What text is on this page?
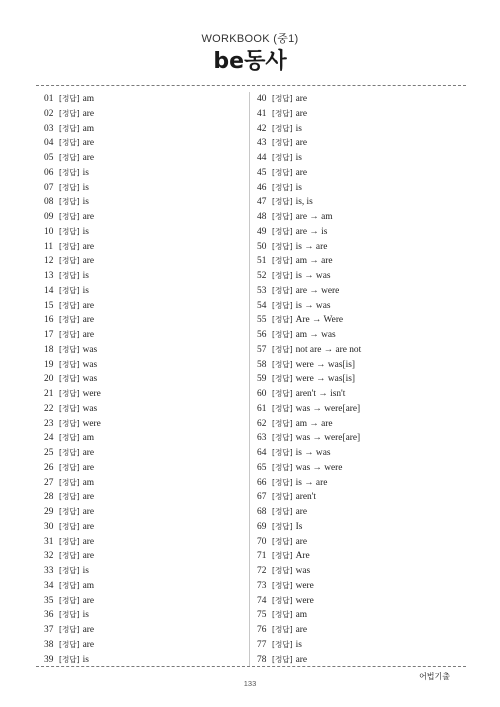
WORKBOOK (중1)
be동사
01 [정답] am
02 [정답] are
03 [정답] am
04 [정답] are
05 [정답] are
06 [정답] is
07 [정답] is
08 [정답] is
09 [정답] are
10 [정답] is
11 [정답] are
12 [정답] are
13 [정답] is
14 [정답] is
15 [정답] are
16 [정답] are
17 [정답] are
18 [정답] was
19 [정답] was
20 [정답] was
21 [정답] were
22 [정답] was
23 [정답] were
24 [정답] am
25 [정답] are
26 [정답] are
27 [정답] am
28 [정답] are
29 [정답] are
30 [정답] are
31 [정답] are
32 [정답] are
33 [정답] is
34 [정답] am
35 [정답] are
36 [정답] is
37 [정답] are
38 [정답] are
39 [정답] is
40 [정답] are
41 [정답] are
42 [정답] is
43 [정답] are
44 [정답] is
45 [정답] are
46 [정답] is
47 [정답] is, is
48 [정답] are → am
49 [정답] are → is
50 [정답] is → are
51 [정답] am → are
52 [정답] is → was
53 [정답] are → were
54 [정답] is → was
55 [정답] Are → Were
56 [정답] am → was
57 [정답] not are → are not
58 [정답] were → was[is]
59 [정답] were → was[is]
60 [정답] aren't → isn't
61 [정답] was → were[are]
62 [정답] am → are
63 [정답] was → were[are]
64 [정답] is → was
65 [정답] was → were
66 [정답] is → are
67 [정답] aren't
68 [정답] are
69 [정답] Is
70 [정답] are
71 [정답] Are
72 [정답] was
73 [정답] were
74 [정답] were
75 [정답] am
76 [정답] are
77 [정답] is
78 [정답] are
133
어법기출
